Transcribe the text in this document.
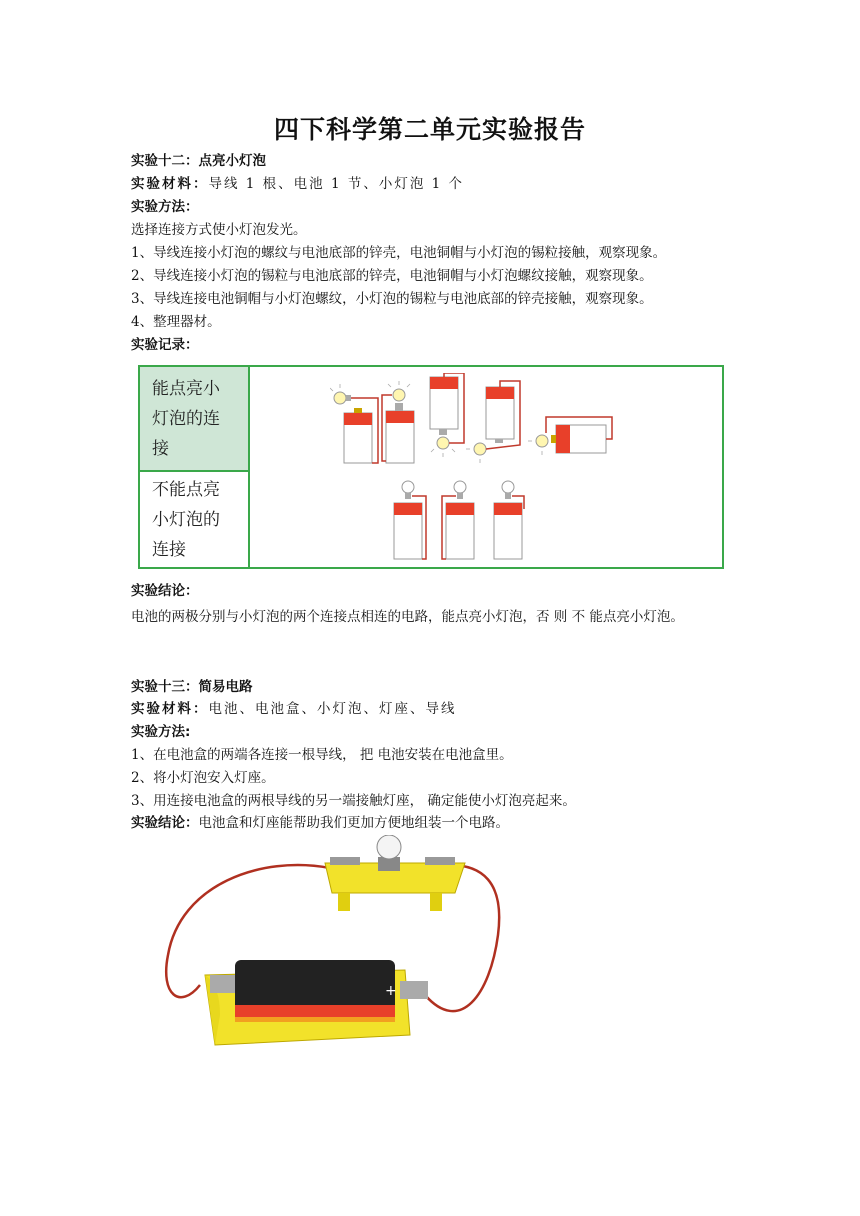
四下科学第二单元实验报告
实验十二：点亮小灯泡
实验材料：导线 1 根、电池 1 节、小灯泡 1 个
实验方法：
选择连接方式使小灯泡发光。
1、导线连接小灯泡的螺纹与电池底部的锌壳，电池铜帽与小灯泡的锡粒接触，观察现象。
2、导线连接小灯泡的锡粒与电池底部的锌壳，电池铜帽与小灯泡螺纹接触，观察现象。
3、导线连接电池铜帽与小灯泡螺纹，小灯泡的锡粒与电池底部的锌壳接触，观察现象。
4、整理器材。
实验记录：
能点亮小灯泡的连接
不能点亮小灯泡的连接
实验结论：
电池的两极分别与小灯泡的两个连接点相连的电路，能点亮小灯泡，否 则 不 能点亮小灯泡。
实验十三：简易电路
实验材料：电池、电池盒、小灯泡、灯座、导线
实验方法:
1、在电池盒的两端各连接一根导线， 把 电池安装在电池盒里。
2、将小灯泡安入灯座。
3、用连接电池盒的两根导线的另一端接触灯座， 确定能使小灯泡亮起来。
实验结论：电池盒和灯座能帮助我们更加方便地组装一个电路。
+
